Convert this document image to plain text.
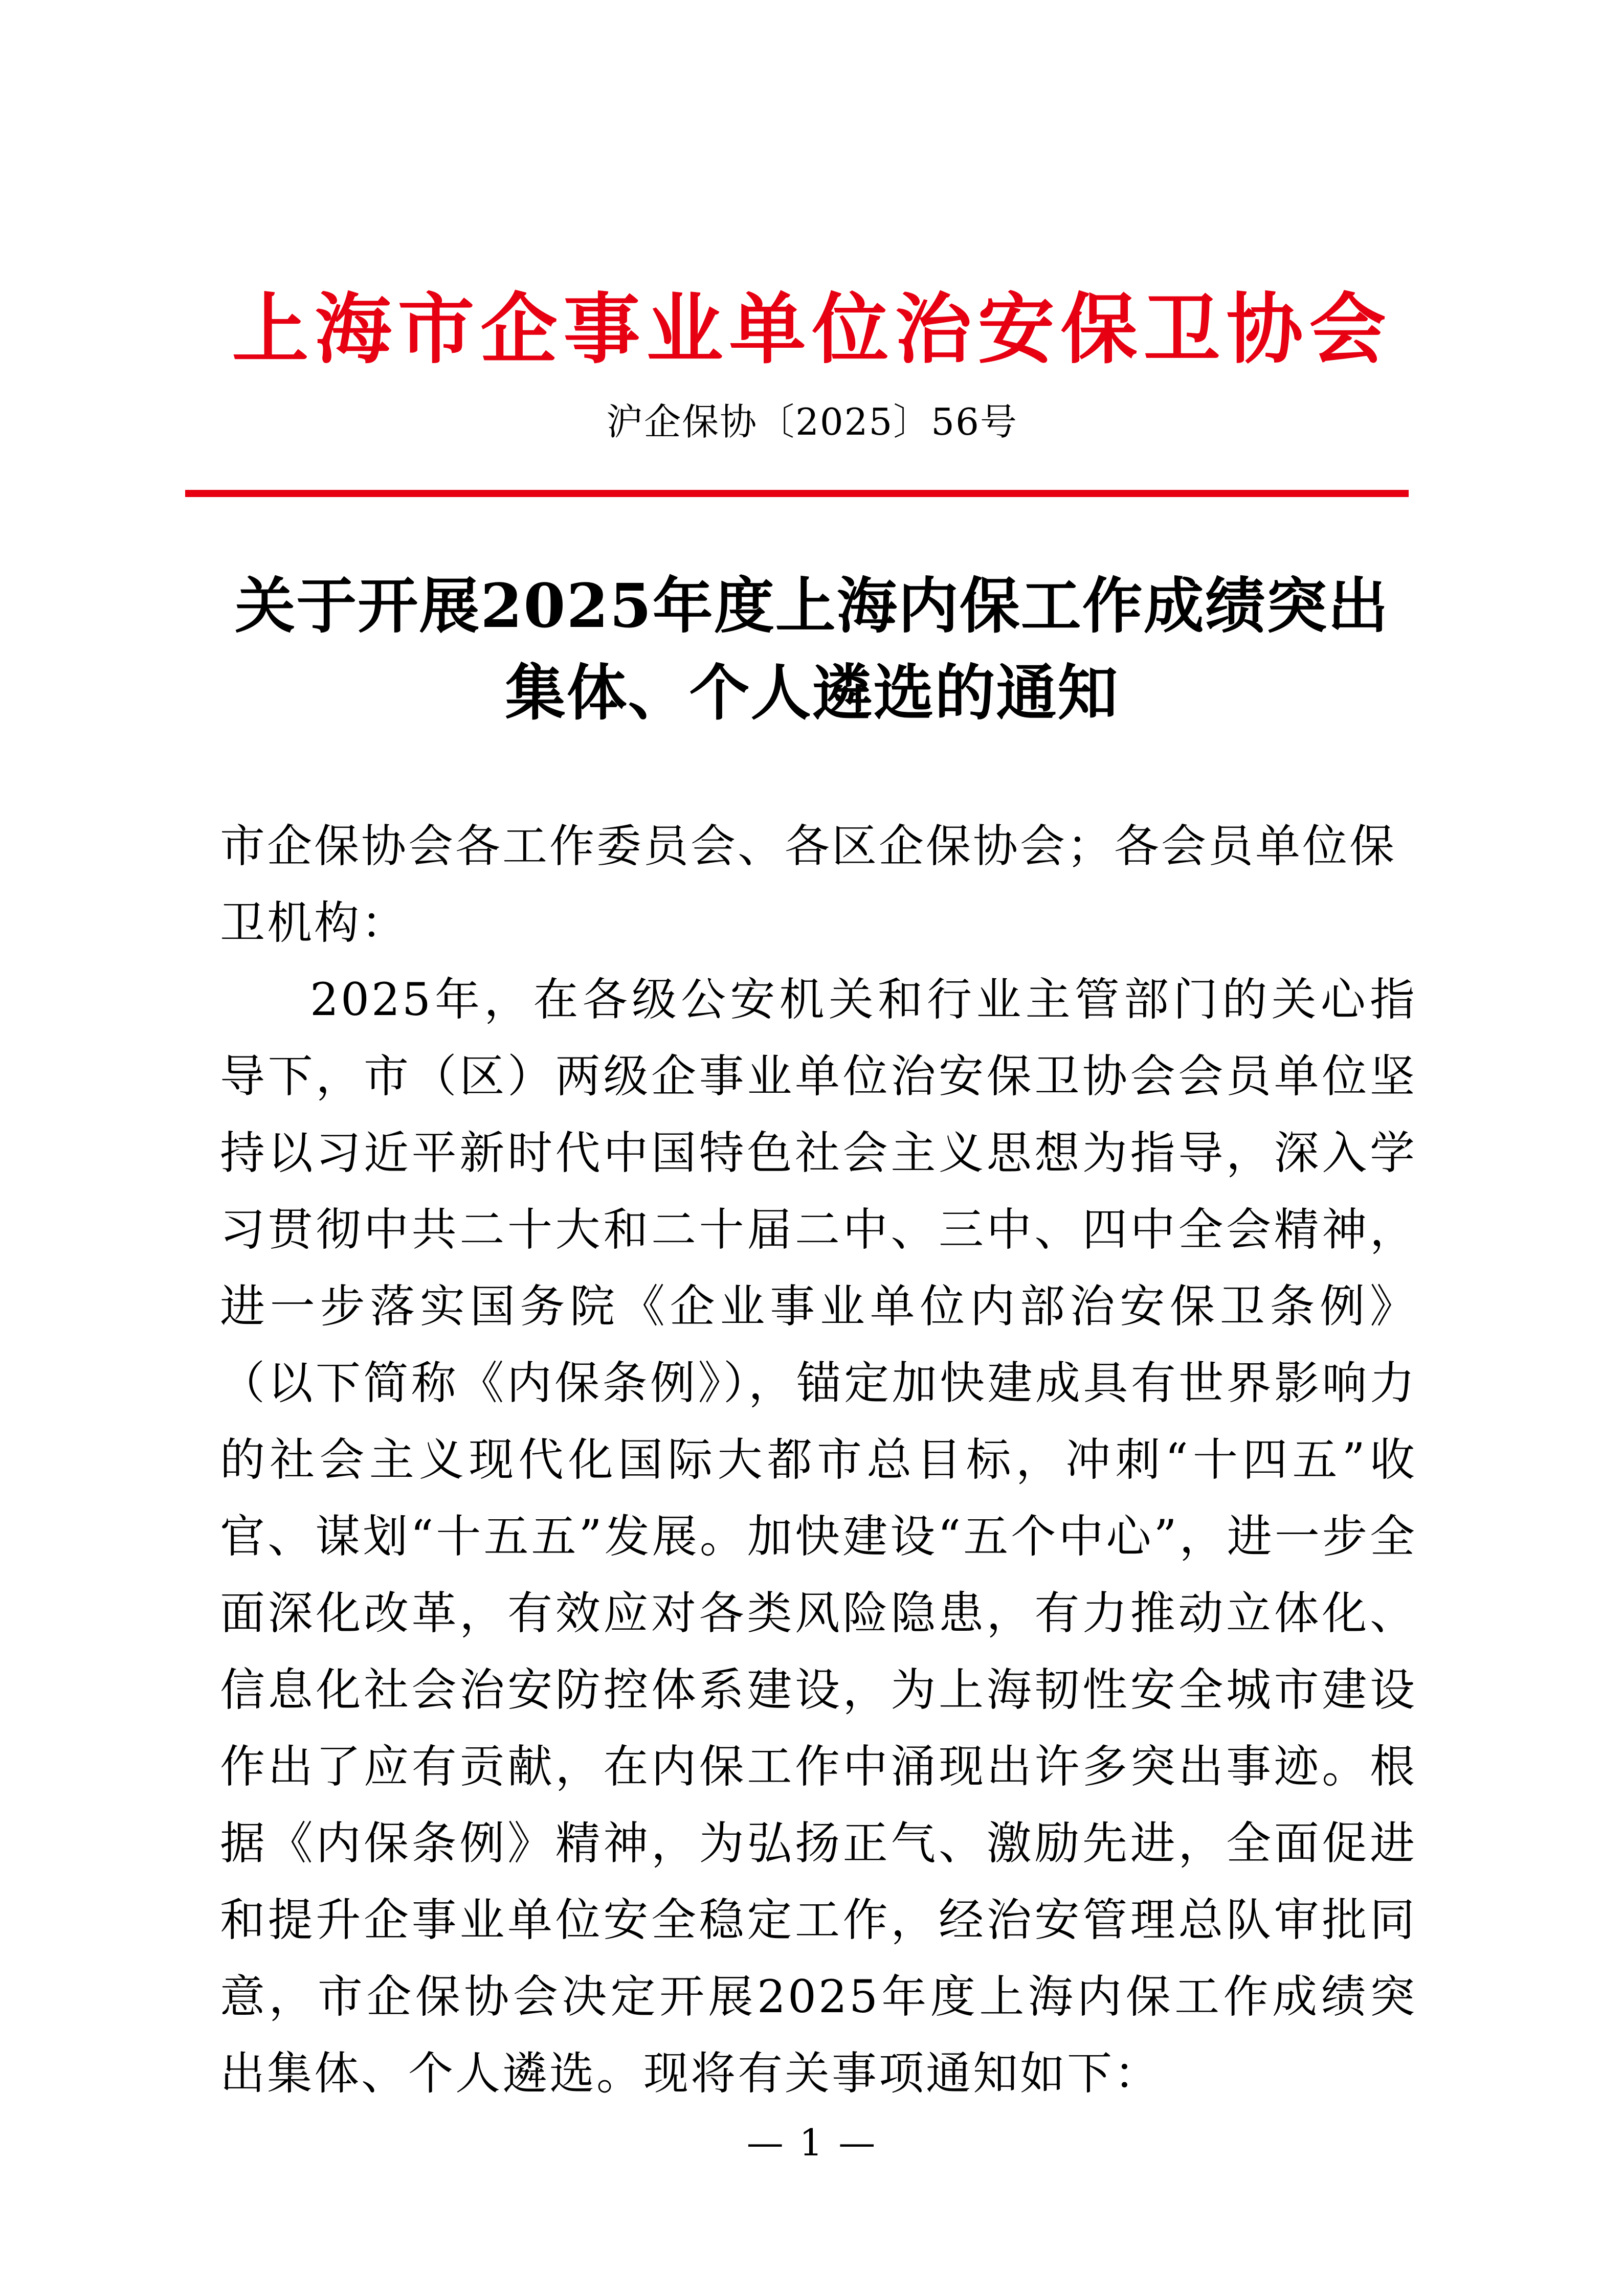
上海市企事业单位治安保卫协会
沪企保协〔2025〕56号
关于开展2025年度上海内保工作成绩突出
集体、个人遴选的通知
市企保协会各工作委员会、各区企保协会；各会员单位保卫机构：
2025年，在各级公安机关和行业主管部门的关心指导下，市（区）两级企事业单位治安保卫协会会员单位坚持以习近平新时代中国特色社会主义思想为指导，深入学习贯彻中共二十大和二十届二中、三中、四中全会精神，进一步落实国务院《企业事业单位内部治安保卫条例》（以下简称《内保条例》），锚定加快建成具有世界影响力的社会主义现代化国际大都市总目标，冲刺“十四五”收官、谋划“十五五”发展。加快建设“五个中心”，进一步全面深化改革，有效应对各类风险隐患，有力推动立体化、信息化社会治安防控体系建设，为上海韧性安全城市建设作出了应有贡献，在内保工作中涌现出许多突出事迹。根据《内保条例》精神，为弘扬正气、激励先进，全面促进和提升企事业单位安全稳定工作，经治安管理总队审批同意，市企保协会决定开展2025年度上海内保工作成绩突出集体、个人遴选。现将有关事项通知如下：
— 1 —
